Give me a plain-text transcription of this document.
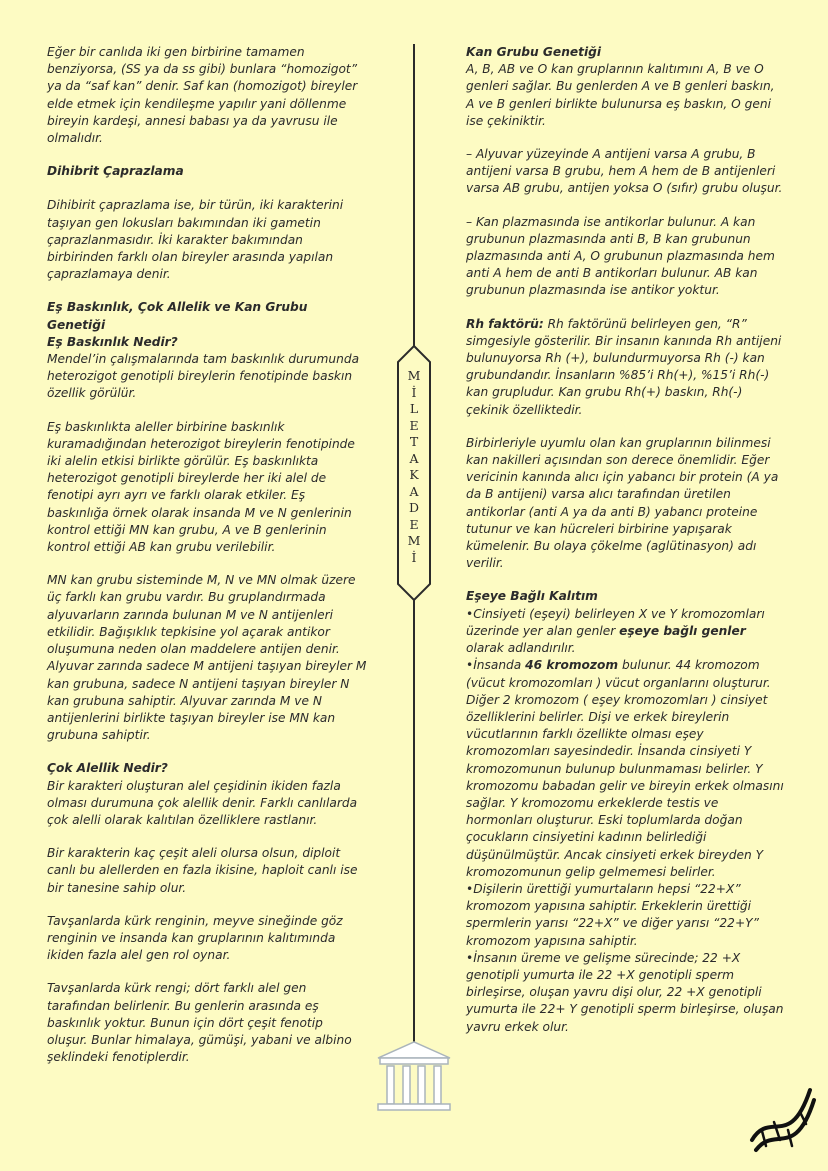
Eğer bir canlıda iki gen birbirine tamamen benziyorsa, (SS ya da ss gibi) bunlara “homozigot” ya da “saf kan” denir. Saf kan (homozigot) bireyler elde etmek için kendileşme yapılır yani döllenme bireyin kardeşi, annesi babası ya da yavrusu ile olmalıdır.

Dihibrit Çaprazlama
Dihibirit çaprazlama ise, bir türün, iki karakterini taşıyan gen lokusları bakımından iki gametin çaprazlanmasıdır. İki karakter bakımından birbirinden farklı olan bireyler arasında yapılan çaprazlamaya denir.
Eş Baskınlık, Çok Allelik ve Kan Grubu Genetiği
Eş Baskınlık Nedir?
Mendel’in çalışmalarında tam baskınlık durumunda heterozigot genotipli bireylerin fenotipinde baskın özellik görülür.

Eş baskınlıkta aleller birbirine baskınlık kuramadığından heterozigot bireylerin fenotipinde iki alelin etkisi birlikte görülür. Eş baskınlıkta heterozigot genotipli bireylerde her iki alel de fenotipi ayrı ayrı ve farklı olarak etkiler. Eş baskınlığa örnek olarak insanda M ve N genlerinin kontrol ettiği MN kan grubu, A ve B genlerinin kontrol ettiği AB kan grubu verilebilir.

MN kan grubu sisteminde M, N ve MN olmak üzere üç farklı kan grubu vardır. Bu gruplandırmada alyuvarların zarında bulunan M ve N antijenleri etkilidir. Bağışıklık tepkisine yol açarak antikor oluşumuna neden olan maddelere antijen denir. Alyuvar zarında sadece M antijeni taşıyan bireyler M kan grubuna, sadece N antijeni taşıyan bireyler N kan grubuna sahiptir. Alyuvar zarında M ve N antijenlerini birlikte taşıyan bireyler ise MN kan grubuna sahiptir.

Çok Alellik Nedir?
Bir karakteri oluşturan alel çeşidinin ikiden fazla olması durumuna çok alellik denir. Farklı canlılarda çok alelli olarak kalıtılan özelliklere rastlanır.

Bir karakterin kaç çeşit aleli olursa olsun, diploit canlı bu alellerden en fazla ikisine, haploit canlı ise bir tanesine sahip olur.

Tavşanlarda kürk renginin, meyve sineğinde göz renginin ve insanda kan gruplarının kalıtımında ikiden fazla alel gen rol oynar.

Tavşanlarda kürk rengi; dört farklı alel gen tarafından belirlenir. Bu genlerin arasında eş baskınlık yoktur. Bunun için dört çeşit fenotip oluşur. Bunlar himalaya, gümüşi, yabani ve albino şeklindeki fenotiplerdir.

Kan Grubu Genetiği
A, B, AB ve O kan gruplarının kalıtımını A, B ve O genleri sağlar. Bu genlerden A ve B genleri baskın, A ve B genleri birlikte bulunursa eş baskın, O geni ise çekiniktir.

– Alyuvar yüzeyinde A antijeni varsa A grubu, B antijeni varsa B grubu, hem A hem de B antijenleri varsa AB grubu, antijen yoksa O (sıfır) grubu oluşur.

– Kan plazmasında ise antikorlar bulunur. A kan grubunun plazmasında anti B, B kan grubunun plazmasında anti A, O grubunun plazmasında hem anti A hem de anti B antikorları bulunur. AB kan grubunun plazmasında ise antikor yoktur.

Rh faktörü: Rh faktörünü belirleyen gen, “R” simgesiyle gösterilir. Bir insanın kanında Rh antijeni bulunuyorsa Rh (+), bulundurmuyorsa Rh (-) kan grubundandır. İnsanların %85’i Rh(+), %15’i Rh(-) kan grupludur. Kan grubu Rh(+) baskın, Rh(-) çekinik özelliktedir.

Birbirleriyle uyumlu olan kan gruplarının bilinmesi kan nakilleri açısından son derece önemlidir. Eğer vericinin kanında alıcı için yabancı bir protein (A ya da B antijeni) varsa alıcı tarafından üretilen antikorlar (anti A ya da anti B) yabancı proteine tutunur ve kan hücreleri birbirine yapışarak kümelenir. Bu olaya çökelme (aglütinasyon) adı verilir.

Eşeye Bağlı Kalıtım
•Cinsiyeti (eşeyi) belirleyen X ve Y kromozomları üzerinde yer alan genler eşeye bağlı genler olarak adlandırılır.
•İnsanda 46 kromozom bulunur. 44 kromozom (vücut kromozomları ) vücut organlarını oluşturur. Diğer 2 kromozom ( eşey kromozomları ) cinsiyet özelliklerini belirler. Dişi ve erkek bireylerin vücutlarının farklı özellikte olması eşey kromozomları sayesindedir. İnsanda cinsiyeti Y kromozomunun bulunup bulunmaması belirler. Y kromozomu babadan gelir ve bireyin erkek olmasını sağlar. Y kromozomu erkeklerde testis ve hormonları oluşturur. Eski toplumlarda doğan çocukların cinsiyetini kadının belirlediği düşünülmüştür. Ancak cinsiyeti erkek bireyden Y kromozomunun gelip gelmemesi belirler.
•Dişilerin ürettiği yumurtaların hepsi “22+X” kromozom yapısına sahiptir. Erkeklerin ürettiği spermlerin yarısı “22+X” ve diğer yarısı “22+Y” kromozom yapısına sahiptir.
•İnsanın üreme ve gelişme sürecinde; 22 +X genotipli yumurta ile 22 +X genotipli sperm birleşirse, oluşan yavru dişi olur, 22 +X genotipli yumurta ile 22+ Y genotipli sperm birleşirse, oluşan yavru erkek olur.
M
İ
L
E
T
A
K
A
D
E
M
İ
